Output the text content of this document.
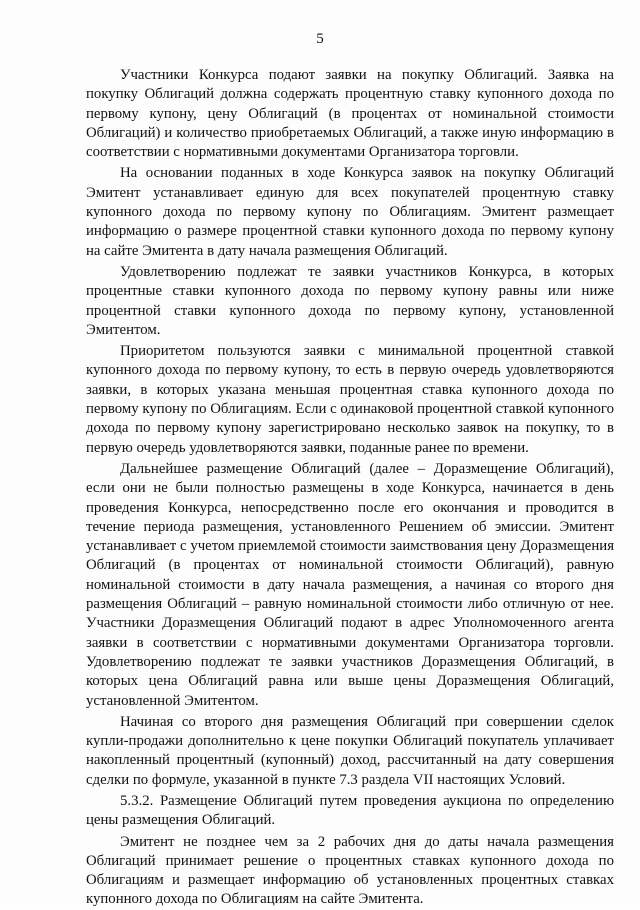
5

Участники Конкурса подают заявки на покупку Облигаций. Заявка на покупку Облигаций должна содержать процентную ставку купонного дохода по первому купону, цену Облигаций (в процентах от номинальной стоимости Облигаций) и количество приобретаемых Облигаций, а также иную информацию в соответствии с нормативными документами Организатора торговли.

На основании поданных в ходе Конкурса заявок на покупку Облигаций Эмитент устанавливает единую для всех покупателей процентную ставку купонного дохода по первому купону по Облигациям. Эмитент размещает информацию о размере процентной ставки купонного дохода по первому купону на сайте Эмитента в дату начала размещения Облигаций.

Удовлетворению подлежат те заявки участников Конкурса, в которых процентные ставки купонного дохода по первому купону равны или ниже процентной ставки купонного дохода по первому купону, установленной Эмитентом.

Приоритетом пользуются заявки с минимальной процентной ставкой купонного дохода по первому купону, то есть в первую очередь удовлетворяются заявки, в которых указана меньшая процентная ставка купонного дохода по первому купону по Облигациям. Если с одинаковой процентной ставкой купонного дохода по первому купону зарегистрировано несколько заявок на покупку, то в первую очередь удовлетворяются заявки, поданные ранее по времени.

Дальнейшее размещение Облигаций (далее – Доразмещение Облигаций), если они не были полностью размещены в ходе Конкурса, начинается в день проведения Конкурса, непосредственно после его окончания и проводится в течение периода размещения, установленного Решением об эмиссии. Эмитент устанавливает с учетом приемлемой стоимости заимствования цену Доразмещения Облигаций (в процентах от номинальной стоимости Облигаций), равную номинальной стоимости в дату начала размещения, а начиная со второго дня размещения Облигаций – равную номинальной стоимости либо отличную от нее. Участники Доразмещения Облигаций подают в адрес Уполномоченного агента заявки в соответствии с нормативными документами Организатора торговли. Удовлетворению подлежат те заявки участников Доразмещения Облигаций, в которых цена Облигаций равна или выше цены Доразмещения Облигаций, установленной Эмитентом.

Начиная со второго дня размещения Облигаций при совершении сделок купли-продажи дополнительно к цене покупки Облигаций покупатель уплачивает накопленный процентный (купонный) доход, рассчитанный на дату совершения сделки по формуле, указанной в пункте 7.3 раздела VII настоящих Условий.

5.3.2. Размещение Облигаций путем проведения аукциона по определению цены размещения Облигаций.

Эмитент не позднее чем за 2 рабочих дня до даты начала размещения Облигаций принимает решение о процентных ставках купонного дохода по Облигациям и размещает информацию об установленных процентных ставках купонного дохода по Облигациям на сайте Эмитента.
